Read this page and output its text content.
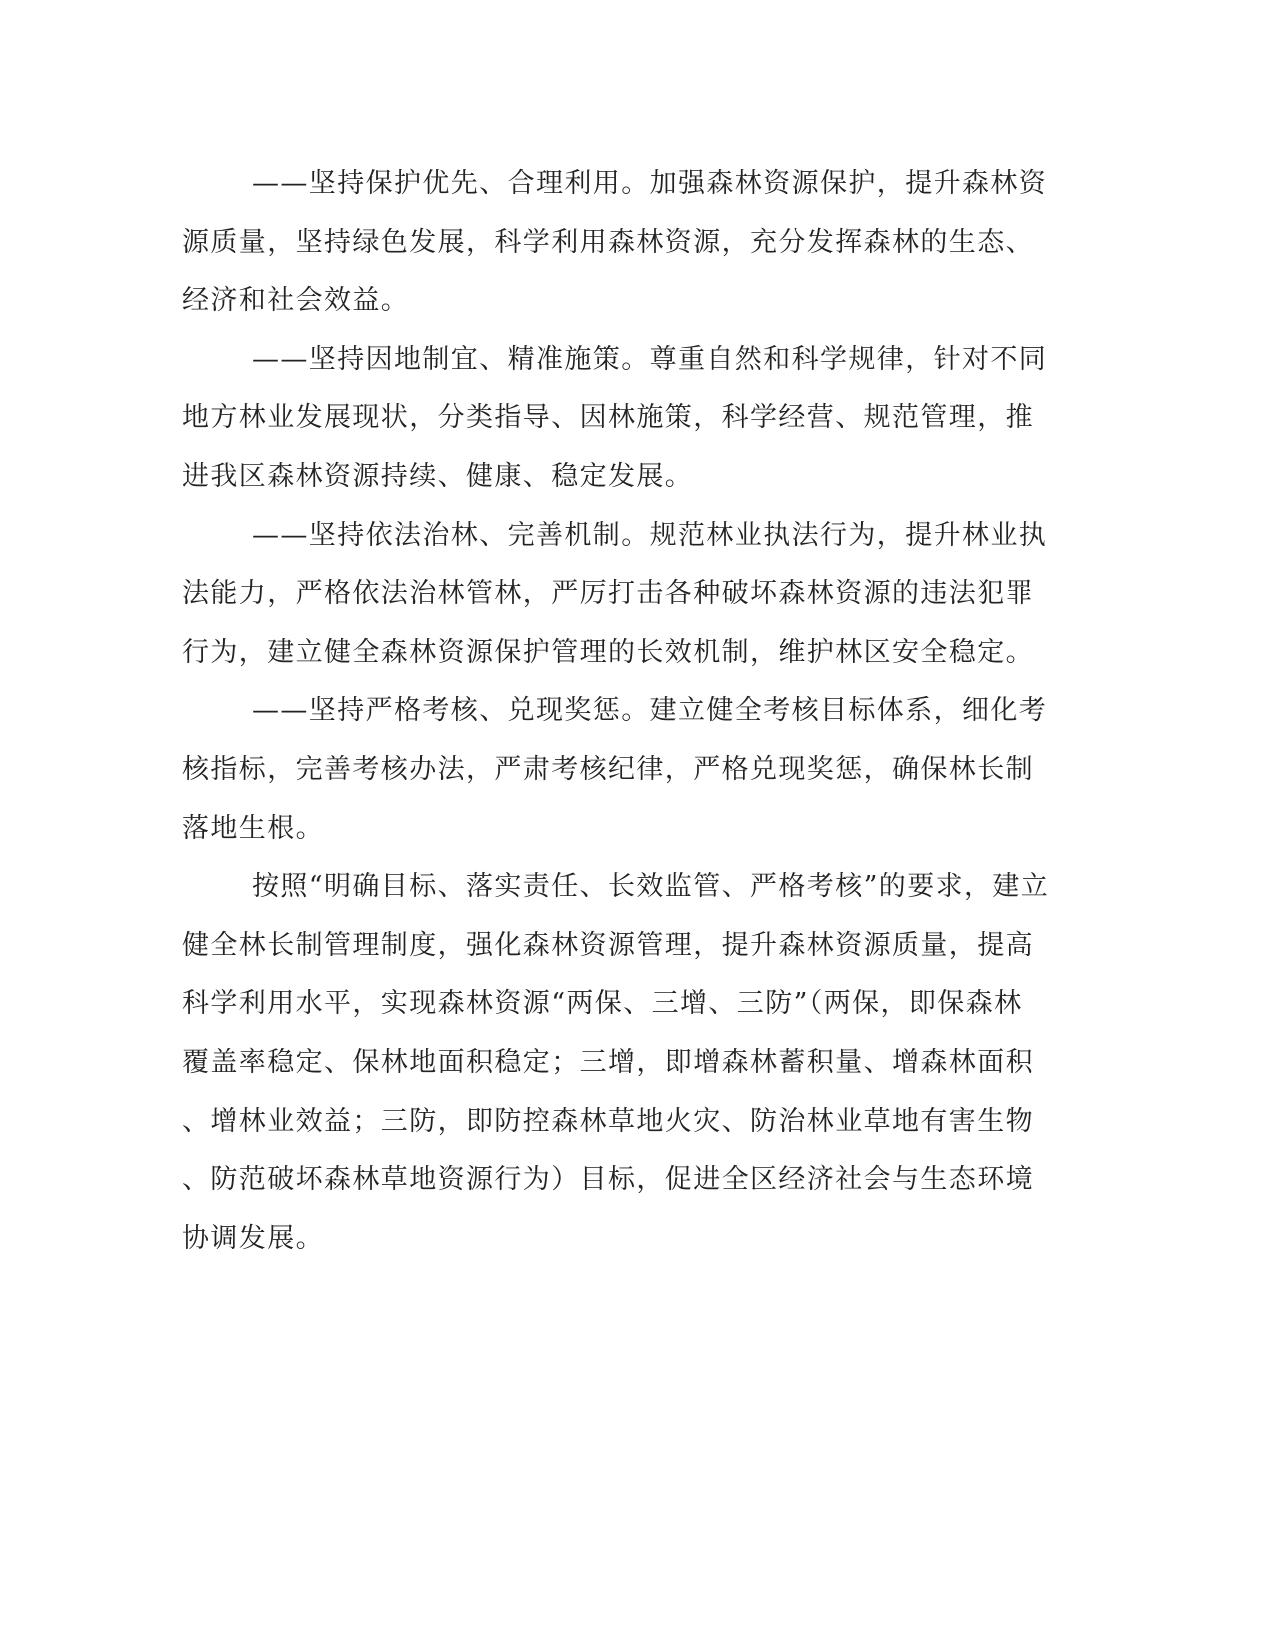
——坚持保护优先、合理利用。加强森林资源保护，提升森林资
源质量，坚持绿色发展，科学利用森林资源，充分发挥森林的生态、
经济和社会效益。

——坚持因地制宜、精准施策。尊重自然和科学规律，针对不同
地方林业发展现状，分类指导、因林施策，科学经营、规范管理，推
进我区森林资源持续、健康、稳定发展。

——坚持依法治林、完善机制。规范林业执法行为，提升林业执
法能力，严格依法治林管林，严厉打击各种破坏森林资源的违法犯罪
行为，建立健全森林资源保护管理的长效机制，维护林区安全稳定。

——坚持严格考核、兑现奖惩。建立健全考核目标体系，细化考
核指标，完善考核办法，严肃考核纪律，严格兑现奖惩，确保林长制
落地生根。

按照“明确目标、落实责任、长效监管、严格考核”的要求，建立
健全林长制管理制度，强化森林资源管理，提升森林资源质量，提高
科学利用水平，实现森林资源“两保、三增、三防”（两保，即保森林
覆盖率稳定、保林地面积稳定；三增，即增森林蓄积量、增森林面积
、增林业效益；三防，即防控森林草地火灾、防治林业草地有害生物
、防范破坏森林草地资源行为）目标，促进全区经济社会与生态环境
协调发展。
